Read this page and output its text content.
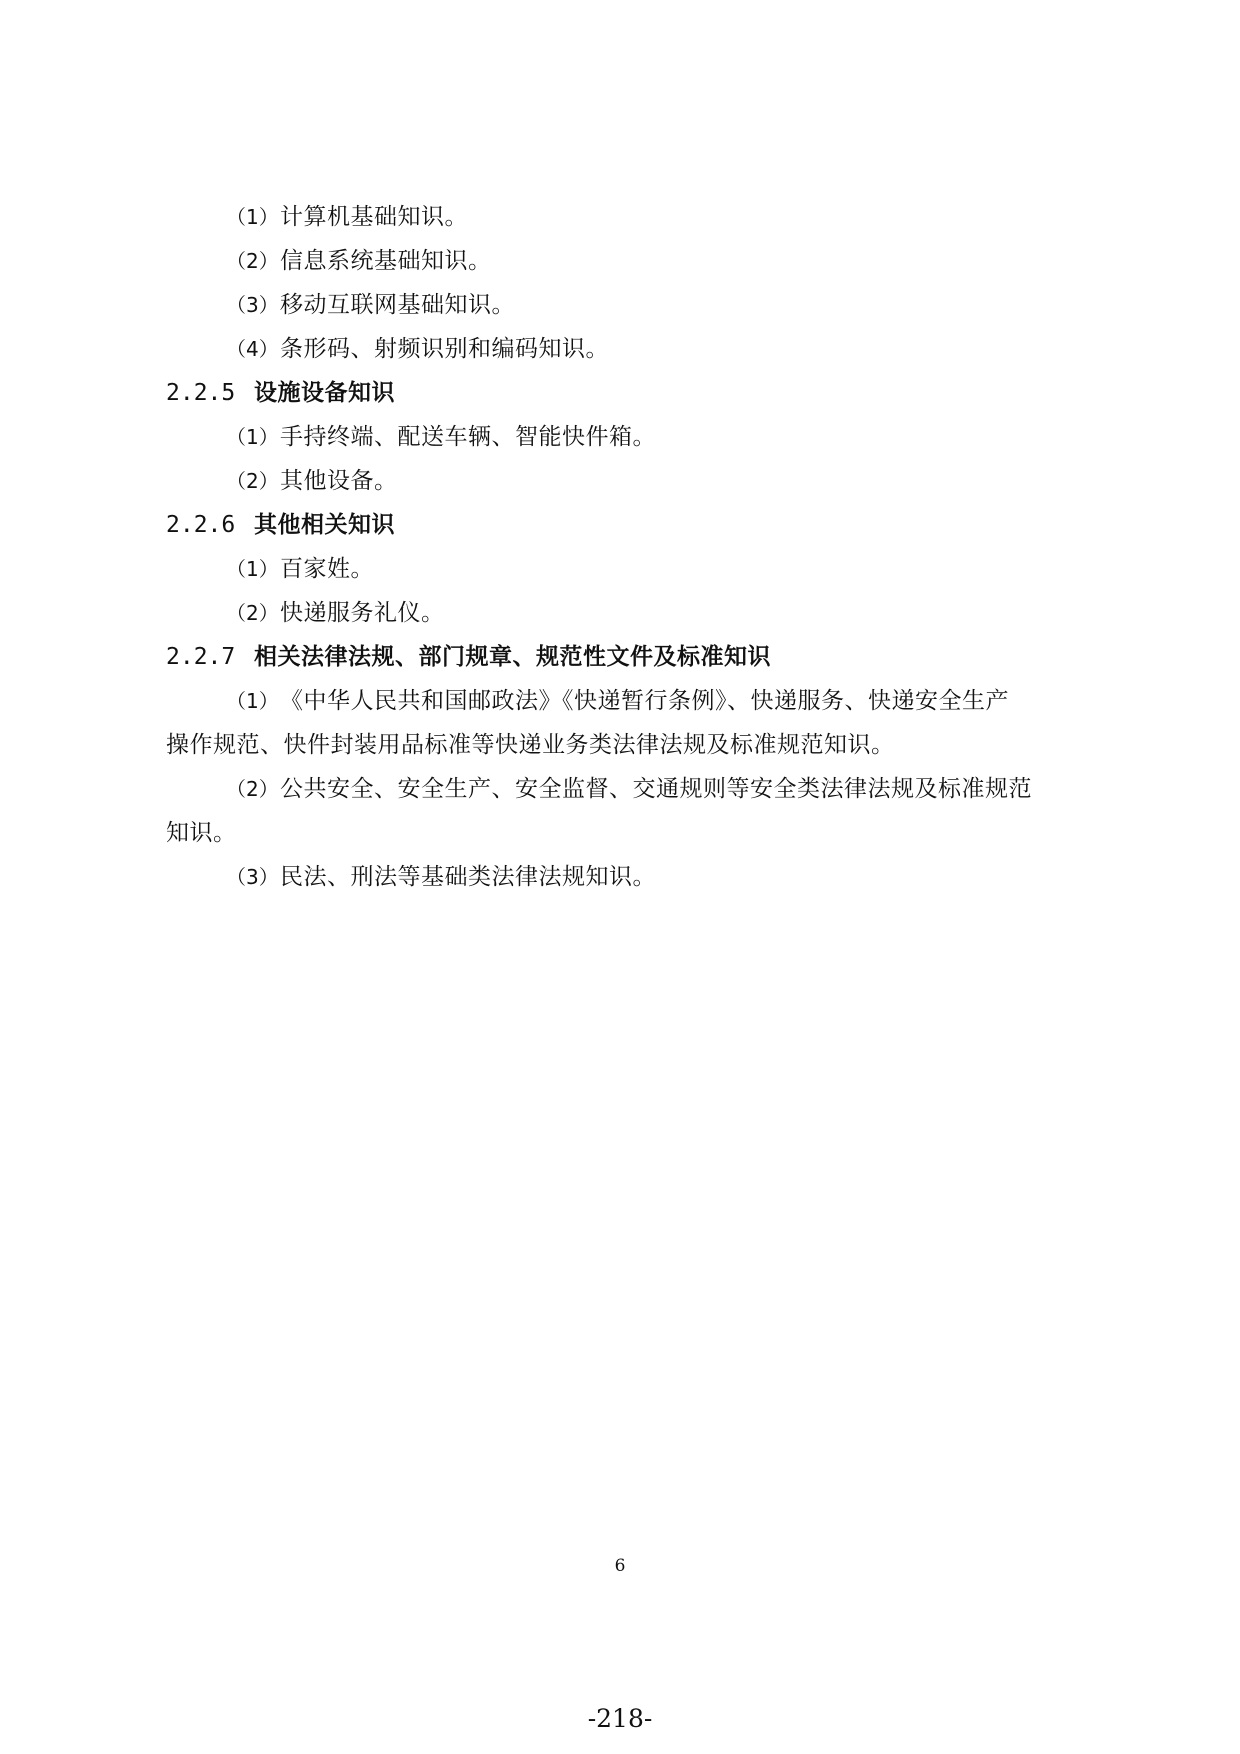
（1）计算机基础知识。
（2）信息系统基础知识。
（3）移动互联网基础知识。
（4）条形码、射频识别和编码知识。
2.2.5 设施设备知识
（1）手持终端、配送车辆、智能快件箱。
（2）其他设备。
2.2.6 其他相关知识
（1）百家姓。
（2）快递服务礼仪。
2.2.7 相关法律法规、部门规章、规范性文件及标准知识
（1）《中华人民共和国邮政法》《快递暂行条例》、快递服务、快递安全生产
操作规范、快件封装用品标准等快递业务类法律法规及标准规范知识。
（2）公共安全、安全生产、安全监督、交通规则等安全类法律法规及标准规范
知识。
（3）民法、刑法等基础类法律法规知识。
6
-218-
